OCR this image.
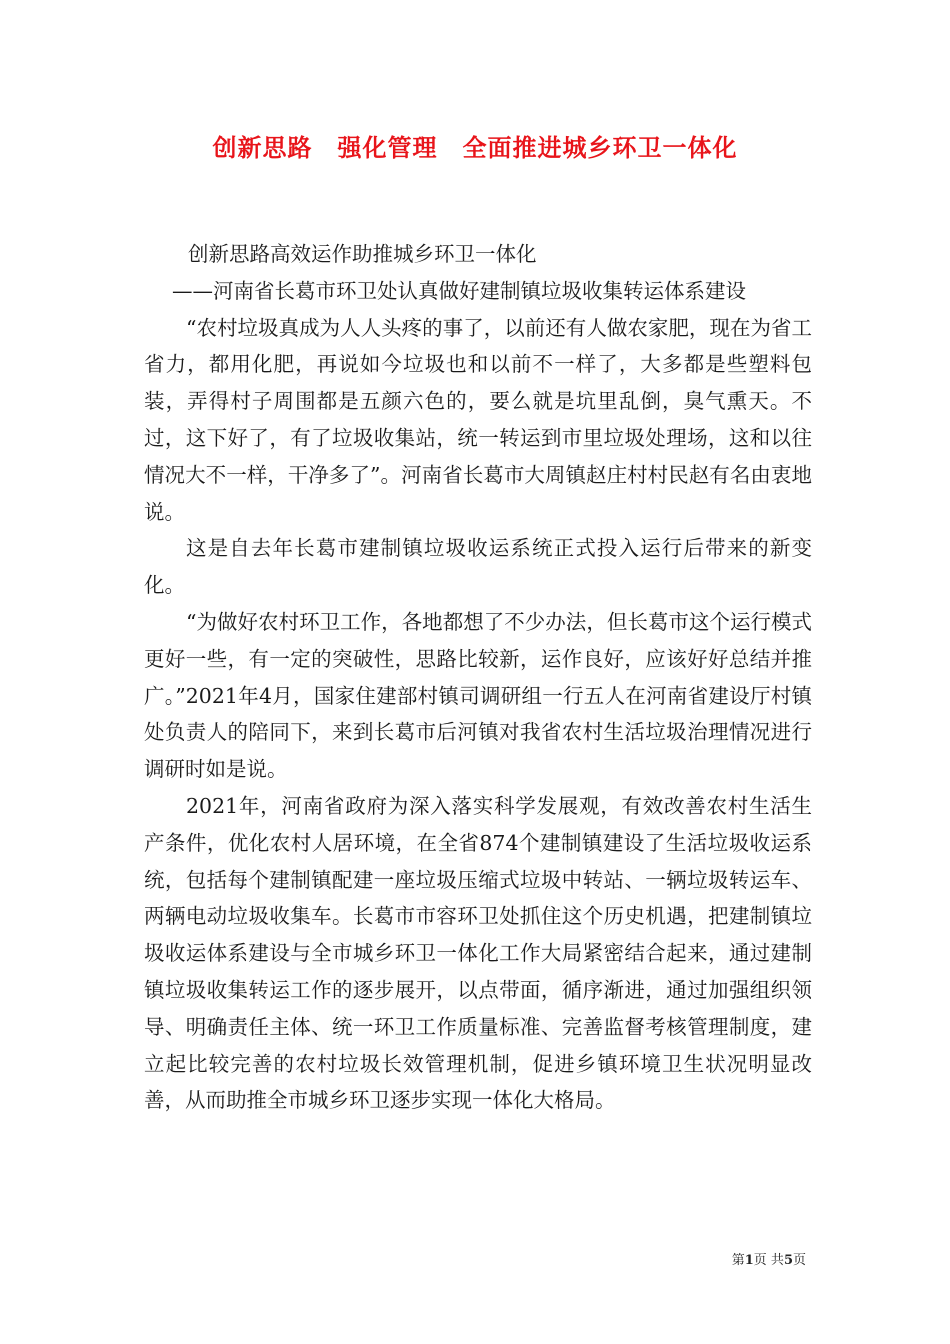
创新思路　强化管理　全面推进城乡环卫一体化

创新思路高效运作助推城乡环卫一体化

——河南省长葛市环卫处认真做好建制镇垃圾收集转运体系建设

“农村垃圾真成为人人头疼的事了，以前还有人做农家肥，现在为省工省力，都用化肥，再说如今垃圾也和以前不一样了，大多都是些塑料包装，弄得村子周围都是五颜六色的，要么就是坑里乱倒，臭气熏天。不过，这下好了，有了垃圾收集站，统一转运到市里垃圾处理场，这和以往情况大不一样，干净多了”。河南省长葛市大周镇赵庄村村民赵有名由衷地说。

这是自去年长葛市建制镇垃圾收运系统正式投入运行后带来的新变化。

“为做好农村环卫工作，各地都想了不少办法，但长葛市这个运行模式更好一些，有一定的突破性，思路比较新，运作良好，应该好好总结并推广。”2021年4月，国家住建部村镇司调研组一行五人在河南省建设厅村镇处负责人的陪同下，来到长葛市后河镇对我省农村生活垃圾治理情况进行调研时如是说。

2021年，河南省政府为深入落实科学发展观，有效改善农村生活生产条件，优化农村人居环境，在全省874个建制镇建设了生活垃圾收运系统，包括每个建制镇配建一座垃圾压缩式垃圾中转站、一辆垃圾转运车、两辆电动垃圾收集车。长葛市市容环卫处抓住这个历史机遇，把建制镇垃圾收运体系建设与全市城乡环卫一体化工作大局紧密结合起来，通过建制镇垃圾收集转运工作的逐步展开，以点带面，循序渐进，通过加强组织领导、明确责任主体、统一环卫工作质量标准、完善监督考核管理制度，建立起比较完善的农村垃圾长效管理机制，促进乡镇环境卫生状况明显改善，从而助推全市城乡环卫逐步实现一体化大格局。

第1页 共5页
